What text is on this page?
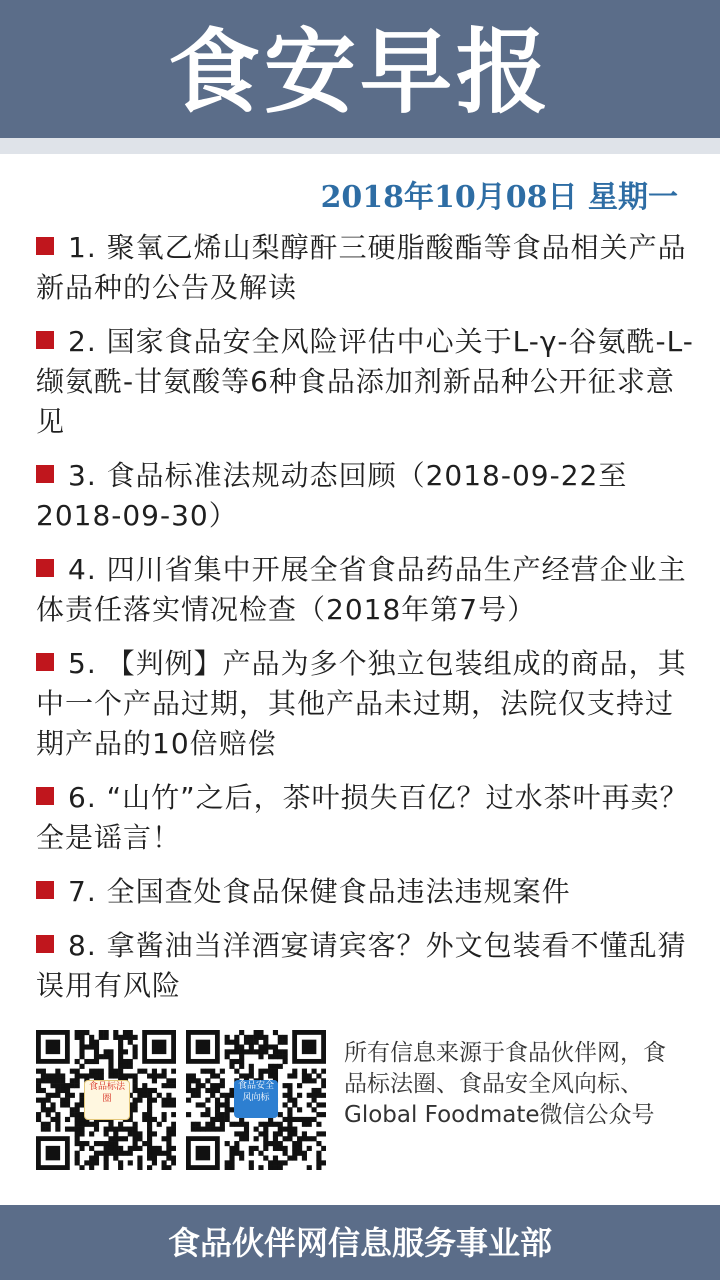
食安早报
2018年10月08日 星期一
1. 聚氧乙烯山梨醇酐三硬脂酸酯等食品相关产品新品种的公告及解读
2. 国家食品安全风险评估中心关于L-γ-谷氨酰-L-缬氨酰-甘氨酸等6种食品添加剂新品种公开征求意见
3. 食品标准法规动态回顾（2018-09-22至2018-09-30）
4. 四川省集中开展全省食品药品生产经营企业主体责任落实情况检查（2018年第7号）
5. 【判例】产品为多个独立包装组成的商品，其中一个产品过期，其他产品未过期，法院仅支持过期产品的10倍赔偿
6. “山竹”之后，茶叶损失百亿？过水茶叶再卖？全是谣言！
7. 全国查处食品保健食品违法违规案件
8. 拿酱油当洋酒宴请宾客？外文包装看不懂乱猜误用有风险
食品标法圈
食品安全风向标
所有信息来源于食品伙伴网，食品标法圈、食品安全风向标、Global Foodmate微信公众号
食品伙伴网信息服务事业部
